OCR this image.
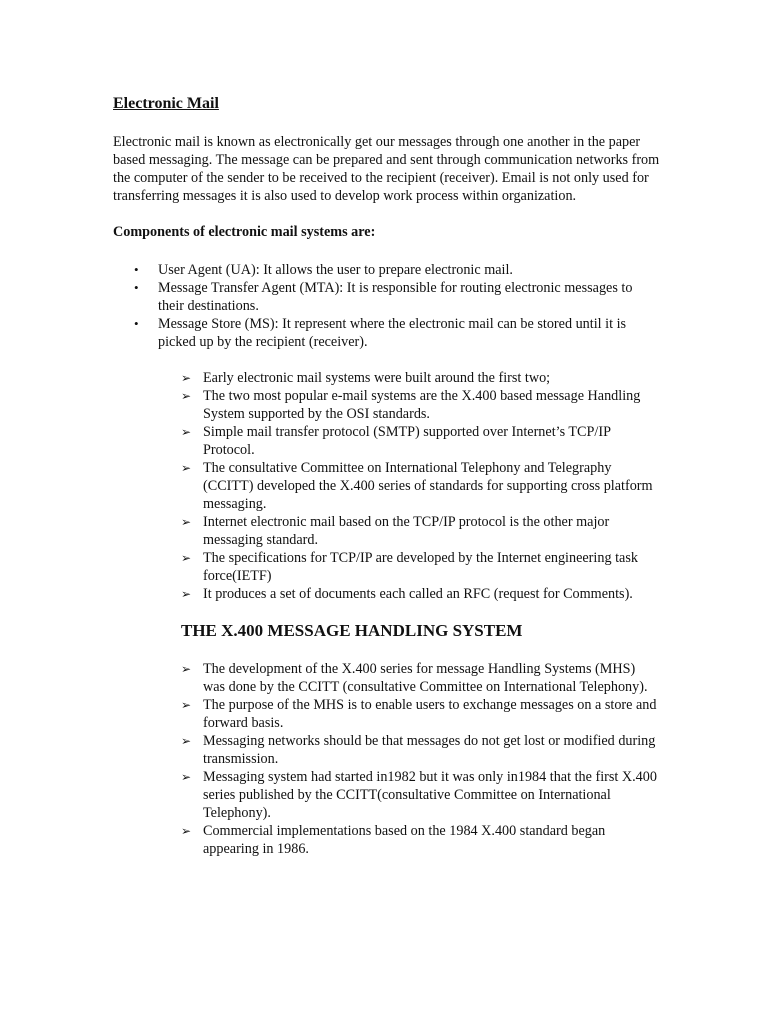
Electronic Mail

Electronic mail is known as electronically get our messages through one another in the paper based messaging. The message can be prepared and sent through communication networks from the computer of the sender to be received to the recipient (receiver). Email is not only used for transferring messages it is also used to develop work process within organization.

Components of electronic mail systems are:
• User Agent (UA): It allows the user to prepare electronic mail.
• Message Transfer Agent (MTA): It is responsible for routing electronic messages to their destinations.
• Message Store (MS): It represent where the electronic mail can be stored until it is picked up by the recipient (receiver).
➢ Early electronic mail systems were built around the first two;
➢ The two most popular e-mail systems are the X.400 based message Handling System supported by the OSI standards.
➢ Simple mail transfer protocol (SMTP) supported over Internet’s TCP/IP Protocol.
➢ The consultative Committee on International Telephony and Telegraphy (CCITT) developed the X.400 series of standards for supporting cross platform messaging.
➢ Internet electronic mail based on the TCP/IP protocol is the other major messaging standard.
➢ The specifications for TCP/IP are developed by the Internet engineering task force(IETF)
➢ It produces a set of documents each called an RFC (request for Comments).
THE X.400 MESSAGE HANDLING SYSTEM
➢ The development of the X.400 series for message Handling Systems (MHS) was done by the CCITT (consultative Committee on International Telephony).
➢ The purpose of the MHS is to enable users to exchange messages on a store and forward basis.
➢ Messaging networks should be that messages do not get lost or modified during transmission.
➢ Messaging system had started in1982 but it was only in1984 that the first X.400 series published by the CCITT(consultative Committee on International Telephony).
➢ Commercial implementations based on the 1984 X.400 standard began appearing in 1986.
